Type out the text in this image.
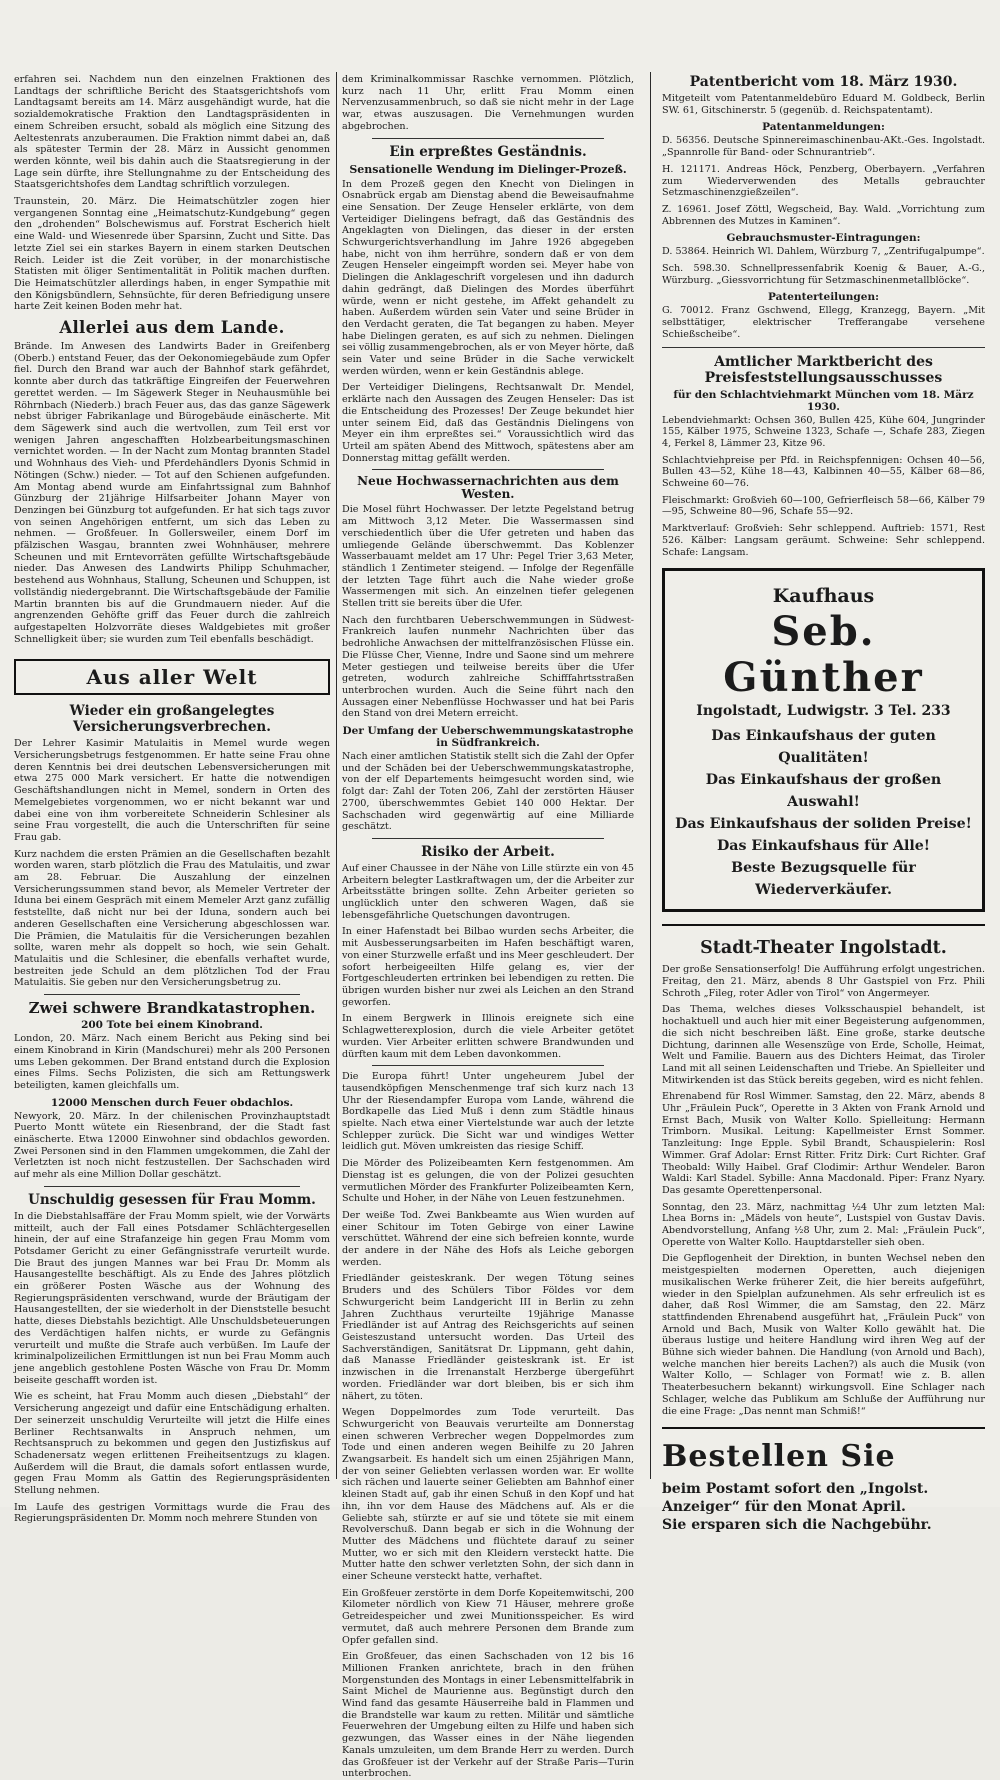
erfahren sei. Nachdem nun den einzelnen Fraktionen des Landtags der schriftliche Bericht des Staatsgerichtshofs vom Landtagsamt bereits am 14. März ausgehändigt wurde, hat die sozialdemokratische Fraktion den Landtagspräsidenten in einem Schreiben ersucht, sobald als möglich eine Sitzung des Aeltestenrats anzuberaumen. Die Fraktion nimmt dabei an, daß als spätester Termin der 28. März in Aussicht genommen werden könnte, weil bis dahin auch die Staatsregierung in der Lage sein dürfte, ihre Stellungnahme zu der Entscheidung des Staatsgerichtshofes dem Landtag schriftlich vorzulegen.

Traunstein, 20. März. Die Heimatschützler zogen hier vergangenen Sonntag eine „Heimatschutz-Kundgebung“ gegen den „drohenden“ Bolschewismus auf. Forstrat Escherich hielt eine Wald- und Wiesenrede über Sparsinn, Zucht und Sitte. Das letzte Ziel sei ein starkes Bayern in einem starken Deutschen Reich. Leider ist die Zeit vorüber, in der monarchistische Statisten mit öliger Sentimentalität in Politik machen durften. Die Heimatschützler allerdings haben, in enger Sympathie mit den Königsbündlern, Sehnsüchte, für deren Befriedigung unsere harte Zeit keinen Boden mehr hat.

Allerlei aus dem Lande.

Brände. Im Anwesen des Landwirts Bader in Greifenberg (Oberb.) entstand Feuer, das der Oekonomiegebäude zum Opfer fiel. Durch den Brand war auch der Bahnhof stark gefährdet, konnte aber durch das tatkräftige Eingreifen der Feuerwehren gerettet werden. — Im Sägewerk Steger in Neuhausmühle bei Röhrnbach (Niederb.) brach Feuer aus, das das ganze Sägewerk nebst übriger Fabrikanlage und Bürogebäude einäscherte. Mit dem Sägewerk sind auch die wertvollen, zum Teil erst vor wenigen Jahren angeschafften Holzbearbeitungsmaschinen vernichtet worden. — In der Nacht zum Montag brannten Stadel und Wohnhaus des Vieh- und Pferdehändlers Dyonis Schmid in Nötingen (Schw.) nieder. — Tot auf den Schienen aufgefunden. Am Montag abend wurde am Einfahrtssignal zum Bahnhof Günzburg der 21jährige Hilfsarbeiter Johann Mayer von Denzingen bei Günzburg tot aufgefunden. Er hat sich tags zuvor von seinen Angehörigen entfernt, um sich das Leben zu nehmen. — Großfeuer. In Gollersweiler, einem Dorf im pfälzischen Wasgau, brannten zwei Wohnhäuser, mehrere Scheunen und mit Erntevorräten gefüllte Wirtschaftsgebäude nieder. Das Anwesen des Landwirts Philipp Schuhmacher, bestehend aus Wohnhaus, Stallung, Scheunen und Schuppen, ist vollständig niedergebrannt. Die Wirtschaftsgebäude der Familie Martin brannten bis auf die Grundmauern nieder. Auf die angrenzenden Gehöfte griff das Feuer durch die zahlreich aufgestapelten Holzvorräte dieses Waldgebietes mit großer Schnelligkeit über; sie wurden zum Teil ebenfalls beschädigt.

Aus aller Welt
Wieder ein großangelegtes Versicherungsverbrechen.

Der Lehrer Kasimir Matulaitis in Memel wurde wegen Versicherungsbetrugs festgenommen. Er hatte seine Frau ohne deren Kenntnis bei drei deutschen Lebensversicherungen mit etwa 275 000 Mark versichert. Er hatte die notwendigen Geschäftshandlungen nicht in Memel, sondern in Orten des Memelgebietes vorgenommen, wo er nicht bekannt war und dabei eine von ihm vorbereitete Schneiderin Schlesiner als seine Frau vorgestellt, die auch die Unterschriften für seine Frau gab.

Kurz nachdem die ersten Prämien an die Gesellschaften bezahlt worden waren, starb plötzlich die Frau des Matulaitis, und zwar am 28. Februar. Die Auszahlung der einzelnen Versicherungssummen stand bevor, als Memeler Vertreter der Iduna bei einem Gespräch mit einem Memeler Arzt ganz zufällig feststellte, daß nicht nur bei der Iduna, sondern auch bei anderen Gesellschaften eine Versicherung abgeschlossen war. Die Prämien, die Matulaitis für die Versicherungen bezahlen sollte, waren mehr als doppelt so hoch, wie sein Gehalt. Matulaitis und die Schlesiner, die ebenfalls verhaftet wurde, bestreiten jede Schuld an dem plötzlichen Tod der Frau Matulaitis. Sie geben nur den Versicherungsbetrug zu.

Zwei schwere Brandkatastrophen.
200 Tote bei einem Kinobrand.

London, 20. März. Nach einem Bericht aus Peking sind bei einem Kinobrand in Kirin (Mandschurei) mehr als 200 Personen ums Leben gekommen. Der Brand entstand durch die Explosion eines Films. Sechs Polizisten, die sich am Rettungswerk beteiligten, kamen gleichfalls um.

12000 Menschen durch Feuer obdachlos.

Newyork, 20. März. In der chilenischen Provinzhauptstadt Puerto Montt wütete ein Riesenbrand, der die Stadt fast einäscherte. Etwa 12000 Einwohner sind obdachlos geworden. Zwei Personen sind in den Flammen umgekommen, die Zahl der Verletzten ist noch nicht festzustellen. Der Sachschaden wird auf mehr als eine Million Dollar geschätzt.

Unschuldig gesessen für Frau Momm.

In die Diebstahlsaffäre der Frau Momm spielt, wie der Vorwärts mitteilt, auch der Fall eines Potsdamer Schlächtergesellen hinein, der auf eine Strafanzeige hin gegen Frau Momm vom Potsdamer Gericht zu einer Gefängnisstrafe verurteilt wurde. Die Braut des jungen Mannes war bei Frau Dr. Momm als Hausangestellte beschäftigt. Als zu Ende des Jahres plötzlich ein größerer Posten Wäsche aus der Wohnung des Regierungspräsidenten verschwand, wurde der Bräutigam der Hausangestellten, der sie wiederholt in der Dienststelle besucht hatte, dieses Diebstahls bezichtigt. Alle Unschuldsbeteuerungen des Verdächtigen halfen nichts, er wurde zu Gefängnis verurteilt und mußte die Strafe auch verbüßen. Im Laufe der kriminalpolizeilichen Ermittlungen ist nun bei Frau Momm auch jene angeblich gestohlene Posten Wäsche von Frau Dr. Momm beiseite geschafft worden ist.

Wie es scheint, hat Frau Momm auch diesen „Diebstahl“ der Versicherung angezeigt und dafür eine Entschädigung erhalten. Der seinerzeit unschuldig Verurteilte will jetzt die Hilfe eines Berliner Rechtsanwalts in Anspruch nehmen, um Rechtsanspruch zu bekommen und gegen den Justizfiskus auf Schadenersatz wegen erlittenen Freiheitsentzugs zu klagen. Außerdem will die Braut, die damals sofort entlassen wurde, gegen Frau Momm als Gattin des Regierungspräsidenten Stellung nehmen.

Im Laufe des gestrigen Vormittags wurde die Frau des Regierungspräsidenten Dr. Momm noch mehrere Stunden von

dem Kriminalkommissar Raschke vernommen. Plötzlich, kurz nach 11 Uhr, erlitt Frau Momm einen Nervenzusammenbruch, so daß sie nicht mehr in der Lage war, etwas auszusagen. Die Vernehmungen wurden abgebrochen.

Ein erpreßtes Geständnis.
Sensationelle Wendung im Dielinger-Prozeß.

In dem Prozeß gegen den Knecht von Dielingen in Osnabrück ergab am Dienstag abend die Beweisaufnahme eine Sensation. Der Zeuge Henseler erklärte, von dem Verteidiger Dielingens befragt, daß das Geständnis des Angeklagten von Dielingen, das dieser in der ersten Schwurgerichtsverhandlung im Jahre 1926 abgegeben habe, nicht von ihm herrühre, sondern daß er von dem Zeugen Henseler eingeimpft worden sei. Meyer habe von Dielingen die Anklageschrift vorgelesen und ihn dadurch dahin gedrängt, daß Dielingen des Mordes überführt würde, wenn er nicht gestehe, im Affekt gehandelt zu haben. Außerdem würden sein Vater und seine Brüder in den Verdacht geraten, die Tat begangen zu haben. Meyer habe Dielingen geraten, es auf sich zu nehmen. Dielingen sei völlig zusammengebrochen, als er von Meyer hörte, daß sein Vater und seine Brüder in die Sache verwickelt werden würden, wenn er kein Geständnis ablege.

Der Verteidiger Dielingens, Rechtsanwalt Dr. Mendel, erklärte nach den Aussagen des Zeugen Henseler: Das ist die Entscheidung des Prozesses! Der Zeuge bekundet hier unter seinem Eid, daß das Geständnis Dielingens von Meyer ein ihm erpreßtes sei.“ Voraussichtlich wird das Urteil am späten Abend des Mittwoch, spätestens aber am Donnerstag mittag gefällt werden.

Neue Hochwassernachrichten aus dem Westen.

Die Mosel führt Hochwasser. Der letzte Pegelstand betrug am Mittwoch 3,12 Meter. Die Wassermassen sind verschiedentlich über die Ufer getreten und haben das umliegende Gelände überschwemmt. Das Koblenzer Wasserbauamt meldet am 17 Uhr: Pegel Trier 3,63 Meter, ständlich 1 Zentimeter steigend. — Infolge der Regenfälle der letzten Tage führt auch die Nahe wieder große Wassermengen mit sich. An einzelnen tiefer gelegenen Stellen tritt sie bereits über die Ufer.

Nach den furchtbaren Ueberschwemmungen in Südwest-Frankreich laufen nunmehr Nachrichten über das bedrohliche Anwachsen der mittelfranzösischen Flüsse ein. Die Flüsse Cher, Vienne, Indre und Saone sind um mehrere Meter gestiegen und teilweise bereits über die Ufer getreten, wodurch zahlreiche Schifffahrtsstraßen unterbrochen wurden. Auch die Seine führt nach den Aussagen einer Nebenflüsse Hochwasser und hat bei Paris den Stand von drei Metern erreicht.

Der Umfang der Ueberschwemmungskatastrophe in Südfrankreich.

Nach einer amtlichen Statistik stellt sich die Zahl der Opfer und der Schäden bei der Ueberschwemmungskatastrophe, von der elf Departements heimgesucht worden sind, wie folgt dar: Zahl der Toten 206, Zahl der zerstörten Häuser 2700, überschwemmtes Gebiet 140 000 Hektar. Der Sachschaden wird gegenwärtig auf eine Milliarde geschätzt.

Risiko der Arbeit.

Auf einer Chaussee in der Nähe von Lille stürzte ein von 45 Arbeitern belegter Lastkraftwagen um, der die Arbeiter zur Arbeitsstätte bringen sollte. Zehn Arbeiter gerieten so unglücklich unter den schweren Wagen, daß sie lebensgefährliche Quetschungen davontrugen.

In einer Hafenstadt bei Bilbao wurden sechs Arbeiter, die mit Ausbesserungsarbeiten im Hafen beschäftigt waren, von einer Sturzwelle erfaßt und ins Meer geschleudert. Der sofort herbeigeeilten Hilfe gelang es, vier der Fortgeschleuderten ertrinken bei lebendigen zu retten. Die übrigen wurden bisher nur zwei als Leichen an den Strand geworfen.

In einem Bergwerk in Illinois ereignete sich eine Schlagwetterexplosion, durch die viele Arbeiter getötet wurden. Vier Arbeiter erlitten schwere Brandwunden und dürften kaum mit dem Leben davonkommen.

Die Europa führt! Unter ungeheurem Jubel der tausendköpfigen Menschenmenge traf sich kurz nach 13 Uhr der Riesendampfer Europa vom Lande, während die Bordkapelle das Lied Muß i denn zum Städtle hinaus spielte. Nach etwa einer Viertelstunde war auch der letzte Schlepper zurück. Die Sicht war und windiges Wetter leidlich gut. Möven umkreisten das riesige Schiff.

Die Mörder des Polizeibeamten Kern festgenommen. Am Dienstag ist es gelungen, die von der Polizei gesuchten vermutlichen Mörder des Frankfurter Polizeibeamten Kern, Schulte und Hoher, in der Nähe von Leuen festzunehmen.

Der weiße Tod. Zwei Bankbeamte aus Wien wurden auf einer Schitour im Toten Gebirge von einer Lawine verschüttet. Während der eine sich befreien konnte, wurde der andere in der Nähe des Hofs als Leiche geborgen werden.

Friedländer geisteskrank. Der wegen Tötung seines Bruders und des Schülers Tibor Földes vor dem Schwurgericht beim Landgericht III in Berlin zu zehn Jahren Zuchthaus verurteilte 19jährige Manasse Friedländer ist auf Antrag des Reichsgerichts auf seinen Geisteszustand untersucht worden. Das Urteil des Sachverständigen, Sanitätsrat Dr. Lippmann, geht dahin, daß Manasse Friedländer geisteskrank ist. Er ist inzwischen in die Irrenanstalt Herzberge übergeführt worden. Friedländer war dort bleiben, bis er sich ihm nähert, zu töten.

Wegen Doppelmordes zum Tode verurteilt. Das Schwurgericht von Beauvais verurteilte am Donnerstag einen schweren Verbrecher wegen Doppelmordes zum Tode und einen anderen wegen Beihilfe zu 20 Jahren Zwangsarbeit. Es handelt sich um einen 25jährigen Mann, der von seiner Geliebten verlassen worden war. Er wollte sich rächen und lauerte seiner Geliebten am Bahnhof einer kleinen Stadt auf, gab ihr einen Schuß in den Kopf und hat ihn, ihn vor dem Hause des Mädchens auf. Als er die Geliebte sah, stürzte er auf sie und tötete sie mit einem Revolverschuß. Dann begab er sich in die Wohnung der Mutter des Mädchens und flüchtete darauf zu seiner Mutter, wo er sich mit den Kleidern versteckt hatte. Die Mutter hatte den schwer verletzten Sohn, der sich dann in einer Scheune versteckt hatte, verhaftet.

Ein Großfeuer zerstörte in dem Dorfe Kopeitemwitschi, 200 Kilometer nördlich von Kiew 71 Häuser, mehrere große Getreidespeicher und zwei Munitionsspeicher. Es wird vermutet, daß auch mehrere Personen dem Brande zum Opfer gefallen sind.

Ein Großfeuer, das einen Sachschaden von 12 bis 16 Millionen Franken anrichtete, brach in den frühen Morgenstunden des Montags in einer Lebensmittelfabrik in Saint Michel de Maurienne aus. Begünstigt durch den Wind fand das gesamte Häuserreihe bald in Flammen und die Brandstelle war kaum zu retten. Militär und sämtliche Feuerwehren der Umgebung eilten zu Hilfe und haben sich gezwungen, das Wasser eines in der Nähe liegenden Kanals umzuleiten, um dem Brande Herr zu werden. Durch das Großfeuer ist der Verkehr auf der Straße Paris—Turin unterbrochen.

Patentbericht vom 18. März 1930.

Mitgeteilt vom Patentanmeldebüro Eduard M. Goldbeck, Berlin SW. 61, Gitschinerstr. 5 (gegenüb. d. Reichspatentamt).

Patentanmeldungen:

D. 56356. Deutsche Spinnereimaschinenbau-AKt.-Ges. Ingolstadt. „Spannrolle für Band- oder Schnurantrieb“.

H. 121171. Andreas Höck, Penzberg, Oberbayern. „Verfahren zum Wiederverwenden des Metalls gebrauchter Setzmaschinenzgießzeilen“.

Z. 16961. Josef Zöttl, Wegscheid, Bay. Wald. „Vorrichtung zum Abbrennen des Mutzes in Kaminen“.

Gebrauchsmuster-Eintragungen:

D. 53864. Heinrich Wl. Dahlem, Würzburg 7, „Zentrifugalpumpe“.

Sch. 598.30. Schnellpressenfabrik Koenig & Bauer, A.-G., Würzburg. „Giessvorrichtung für Setzmaschinenmetallblöcke“.

Patenterteilungen:

G. 70012. Franz Gschwend, Ellegg, Kranzegg, Bayern. „Mit selbsttätiger, elektrischer Trefferangabe versehene Schießscheibe“.

Amtlicher Marktbericht des Preisfeststellungsausschusses
für den Schlachtviehmarkt München vom 18. März 1930.

Lebendviehmarkt: Ochsen 360, Bullen 425, Kühe 604, Jungrinder 155, Kälber 1975, Schweine 1323, Schafe —, Schafe 283, Ziegen 4, Ferkel 8, Lämmer 23, Kitze 96.

Schlachtviehpreise per Pfd. in Reichspfennigen: Ochsen 40—56, Bullen 43—52, Kühe 18—43, Kalbinnen 40—55, Kälber 68—86, Schweine 60—76.

Fleischmarkt: Großvieh 60—100, Gefrierfleisch 58—66, Kälber 79—95, Schweine 80—96, Schafe 55—92.

Marktverlauf: Großvieh: Sehr schleppend. Auftrieb: 1571, Rest 526. Kälber: Langsam geräumt. Schweine: Sehr schleppend. Schafe: Langsam.

Kaufhaus
Seb. Günther
Ingolstadt, Ludwigstr. 3 Tel. 233

Das Einkaufshaus der guten Qualitäten!

Das Einkaufshaus der großen Auswahl!

Das Einkaufshaus der soliden Preise!

Das Einkaufshaus für Alle!

Beste Bezugsquelle für Wiederverkäufer.

Stadt-Theater Ingolstadt.

Der große Sensationserfolg! Die Aufführung erfolgt ungestrichen. Freitag, den 21. März, abends 8 Uhr Gastspiel von Frz. Phili Schroth „Fileg, roter Adler von Tirol“ von Angermeyer.

Das Thema, welches dieses Volksschauspiel behandelt, ist hochaktuell und auch hier mit einer Begeisterung aufgenommen, die sich nicht beschreiben läßt. Eine große, starke deutsche Dichtung, darinnen alle Wesenszüge von Erde, Scholle, Heimat, Welt und Familie. Bauern aus des Dichters Heimat, das Tiroler Land mit all seinen Leidenschaften und Triebe. An Spielleiter und Mitwirkenden ist das Stück bereits gegeben, wird es nicht fehlen.

Ehrenabend für Rosl Wimmer. Samstag, den 22. März, abends 8 Uhr „Fräulein Puck“, Operette in 3 Akten von Frank Arnold und Ernst Bach, Musik von Walter Kollo. Spielleitung: Hermann Trimborn. Musikal. Leitung: Kapellmeister Ernst Sommer. Tanzleitung: Inge Epple. Sybil Brandt, Schauspielerin: Rosl Wimmer. Graf Adolar: Ernst Ritter. Fritz Dirk: Curt Richter. Graf Theobald: Willy Haibel. Graf Clodimir: Arthur Wendeler. Baron Waldi: Karl Stadel. Sybille: Anna Macdonald. Piper: Franz Nyary. Das gesamte Operettenpersonal.

Sonntag, den 23. März, nachmittag ½4 Uhr zum letzten Mal: Lhea Borns in: „Mädels von heute“, Lustspiel von Gustav Davis. Abendvorstellung, Anfang ½8 Uhr, zum 2. Mal: „Fräulein Puck“, Operette von Walter Kollo. Hauptdarsteller sieh oben.

Die Gepflogenheit der Direktion, in bunten Wechsel neben den meistgespielten modernen Operetten, auch diejenigen musikalischen Werke früherer Zeit, die hier bereits aufgeführt, wieder in den Spielplan aufzunehmen. Als sehr erfreulich ist es daher, daß Rosl Wimmer, die am Samstag, den 22. März stattfindenden Ehrenabend ausgeführt hat, „Fräulein Puck“ von Arnold und Bach, Musik von Walter Kollo gewählt hat. Die überaus lustige und heitere Handlung wird ihren Weg auf der Bühne sich wieder bahnen. Die Handlung (von Arnold und Bach), welche manchen hier bereits Lachen?) als auch die Musik (von Walter Kollo, — Schlager von Format! wie z. B. allen Theaterbesuchern bekannt) wirkungsvoll. Eine Schlager nach Schlager, welche das Publikum am Schluße der Aufführung nur die eine Frage: „Das nennt man Schmiß!“

Bestellen Sie

beim Postamt sofort den „Ingolst. Anzeiger“ für den Monat April.

Sie ersparen sich die Nachgebühr.
